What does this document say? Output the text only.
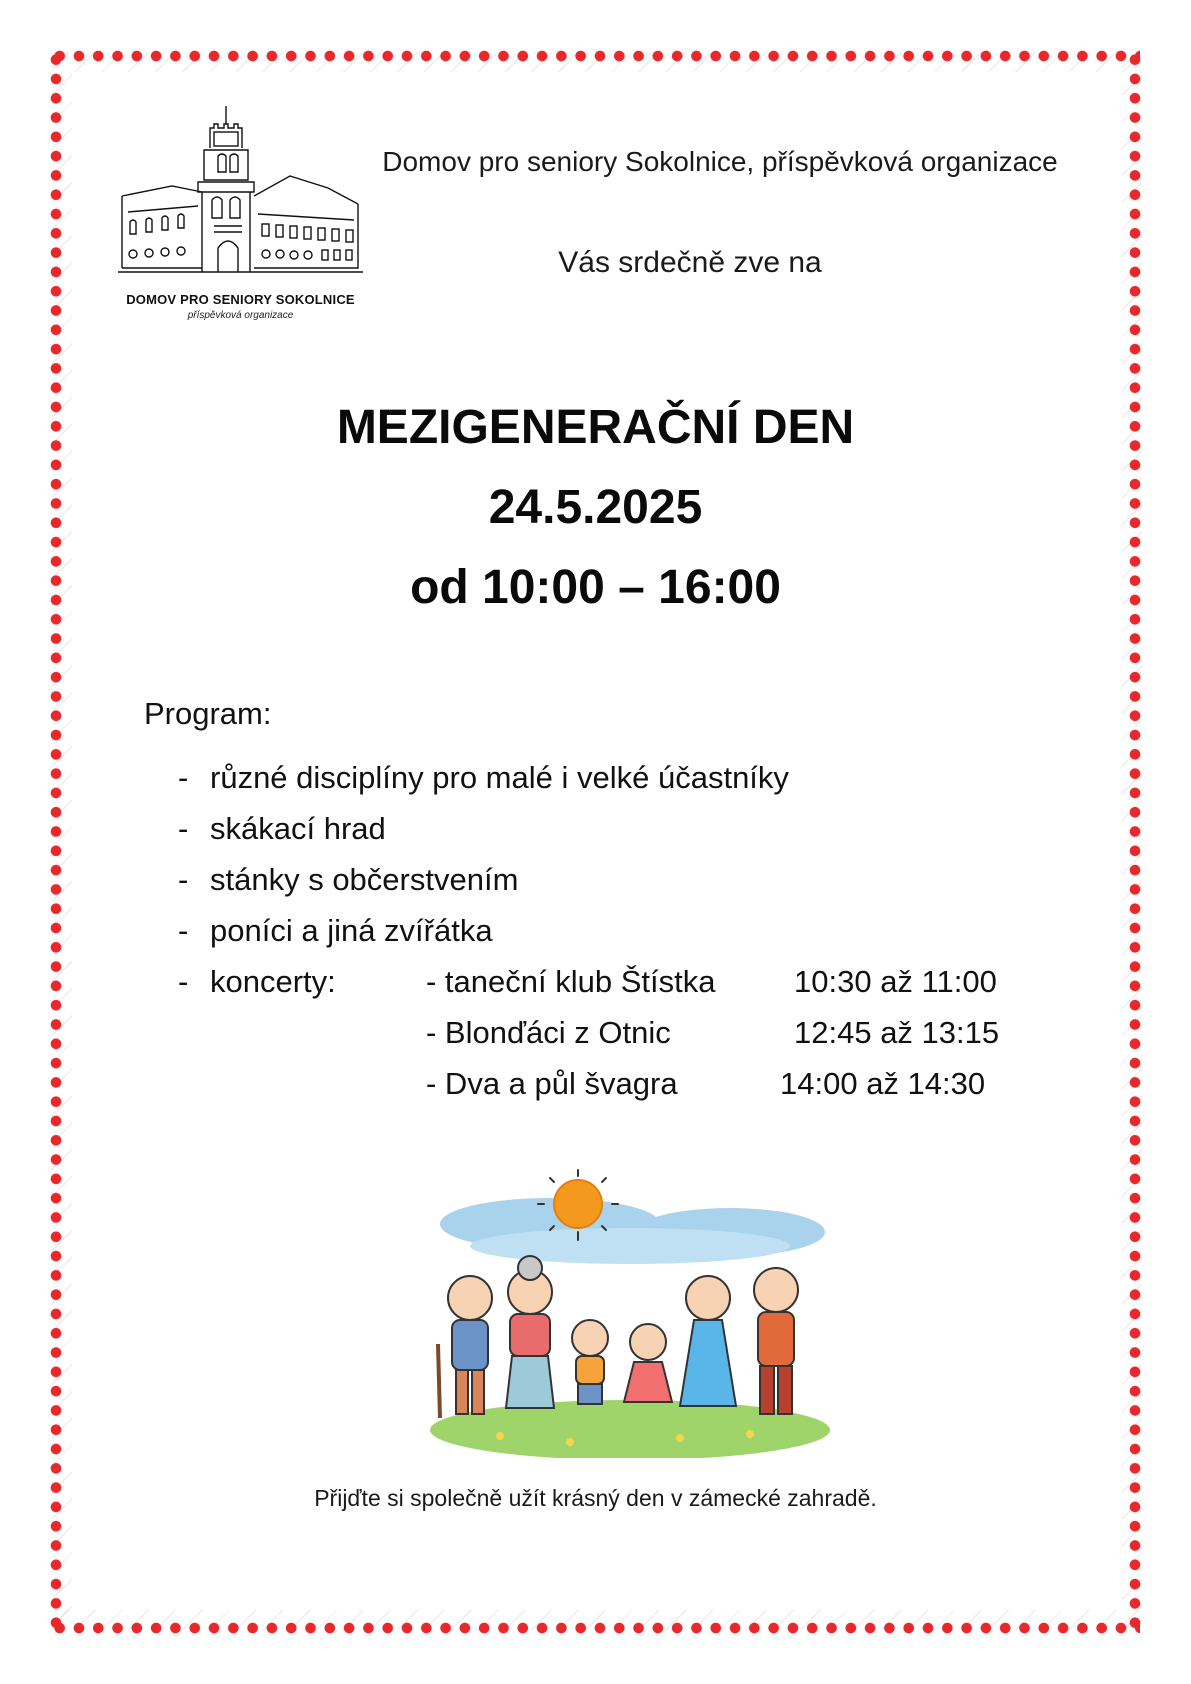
DOMOV PRO SENIORY SOKOLNICE
příspěvková organizace
Domov pro seniory Sokolnice, příspěvková organizace
Vás srdečně zve na
MEZIGENERAČNÍ DEN
24.5.2025
od 10:00 – 16:00
Program:
- různé disciplíny pro malé i velké účastníky
- skákací hrad
- stánky s občerstvením
- poníci a jiná zvířátka
- koncerty:	- taneční klub Štístka	10:30 až 11:00
- Blonďáci z Otnic	12:45 až 13:15
- Dva a půl švagra	14:00 až 14:30
Přijďte si společně užít krásný den v zámecké zahradě.
